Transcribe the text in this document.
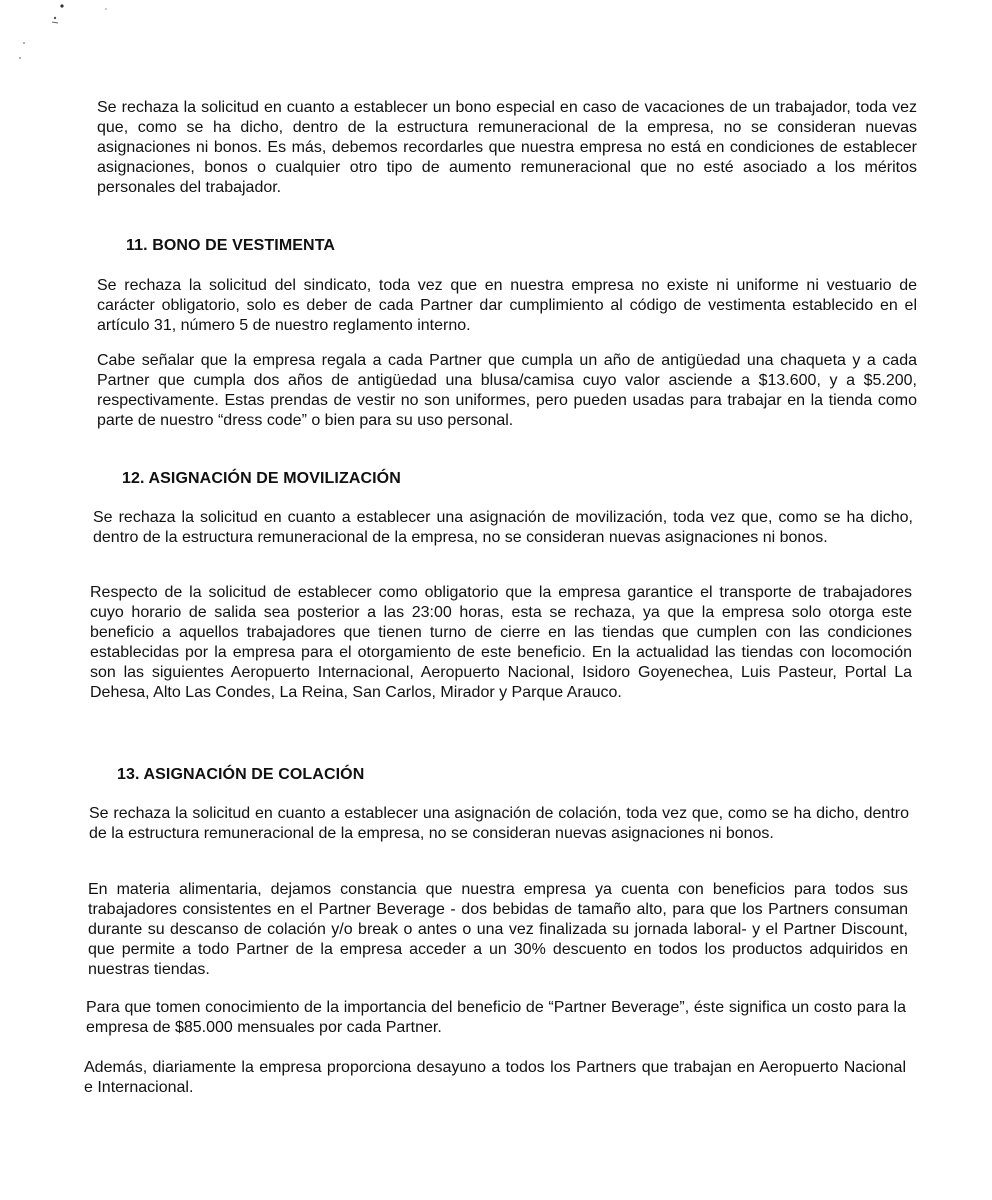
Se rechaza la solicitud en cuanto a establecer un bono especial en caso de vacaciones de un trabajador, toda vez que, como se ha dicho, dentro de la estructura remuneracional de la empresa, no se consideran nuevas asignaciones ni bonos. Es más, debemos recordarles que nuestra empresa no está en condiciones de establecer asignaciones, bonos o cualquier otro tipo de aumento remuneracional que no esté asociado a los méritos personales del trabajador.

11. BONO DE VESTIMENTA

Se rechaza la solicitud del sindicato, toda vez que en nuestra empresa no existe ni uniforme ni vestuario de carácter obligatorio, solo es deber de cada Partner dar cumplimiento al código de vestimenta establecido en el artículo 31, número 5 de nuestro reglamento interno.

Cabe señalar que la empresa regala a cada Partner que cumpla un año de antigüedad una chaqueta y a cada Partner que cumpla dos años de antigüedad una blusa/camisa cuyo valor asciende a $13.600, y a $5.200, respectivamente. Estas prendas de vestir no son uniformes, pero pueden usadas para trabajar en la tienda como parte de nuestro “dress code” o bien para su uso personal.

12. ASIGNACIÓN DE MOVILIZACIÓN

Se rechaza la solicitud en cuanto a establecer una asignación de movilización, toda vez que, como se ha dicho, dentro de la estructura remuneracional de la empresa, no se consideran nuevas asignaciones ni bonos.

Respecto de la solicitud de establecer como obligatorio que la empresa garantice el transporte de trabajadores cuyo horario de salida sea posterior a las 23:00 horas, esta se rechaza, ya que la empresa solo otorga este beneficio a aquellos trabajadores que tienen turno de cierre en las tiendas que cumplen con las condiciones establecidas por la empresa para el otorgamiento de este beneficio. En la actualidad las tiendas con locomoción son las siguientes Aeropuerto Internacional, Aeropuerto Nacional, Isidoro Goyenechea, Luis Pasteur, Portal La Dehesa, Alto Las Condes, La Reina, San Carlos, Mirador y Parque Arauco.

13. ASIGNACIÓN DE COLACIÓN

Se rechaza la solicitud en cuanto a establecer una asignación de colación, toda vez que, como se ha dicho, dentro de la estructura remuneracional de la empresa, no se consideran nuevas asignaciones ni bonos.

En materia alimentaria, dejamos constancia que nuestra empresa ya cuenta con beneficios para todos sus trabajadores consistentes en el Partner Beverage - dos bebidas de tamaño alto, para que los Partners consuman durante su descanso de colación y/o break o antes o una vez finalizada su jornada laboral- y el Partner Discount, que permite a todo Partner de la empresa acceder a un 30% descuento en todos los productos adquiridos en nuestras tiendas.

Para que tomen conocimiento de la importancia del beneficio de “Partner Beverage”, éste significa un costo para la empresa de $85.000 mensuales por cada Partner.

Además, diariamente la empresa proporciona desayuno a todos los Partners que trabajan en Aeropuerto Nacional e Internacional.
